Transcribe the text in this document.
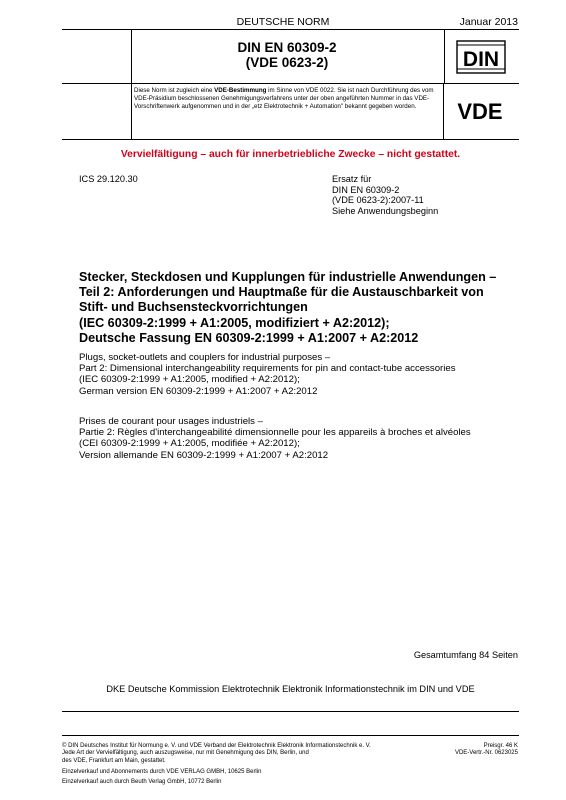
DEUTSCHE NORM	Januar 2013
DIN EN 60309-2
(VDE 0623-2)	DIN
Diese Norm ist zugleich eine VDE-Bestimmung im Sinne von VDE 0022. Sie ist nach Durchführung des vom VDE-Präsidium beschlossenen Genehmigungsverfahrens unter der oben angeführten Nummer in das VDE-Vorschriftenwerk aufgenommen und in der „etz Elektrotechnik + Automation" bekannt gegeben worden.	VDE
Vervielfältigung – auch für innerbetriebliche Zwecke – nicht gestattet.
ICS 29.120.30	Ersatz für
DIN EN 60309-2
(VDE 0623-2):2007-11
Siehe Anwendungsbeginn
Stecker, Steckdosen und Kupplungen für industrielle Anwendungen –
Teil 2: Anforderungen und Hauptmaße für die Austauschbarkeit von
Stift- und Buchsensteckvorrichtungen
(IEC 60309-2:1999 + A1:2005, modifiziert + A2:2012);
Deutsche Fassung EN 60309-2:1999 + A1:2007 + A2:2012
Plugs, socket-outlets and couplers for industrial purposes –
Part 2: Dimensional interchangeability requirements for pin and contact-tube accessories
(IEC 60309-2:1999 + A1:2005, modified + A2:2012);
German version EN 60309-2:1999 + A1:2007 + A2:2012
Prises de courant pour usages industriels –
Partie 2: Règles d'interchangeabilité dimensionnelle pour les appareils à broches et alvéoles
(CEI 60309-2:1999 + A1:2005, modifiée + A2:2012);
Version allemande EN 60309-2:1999 + A1:2007 + A2:2012
Gesamtumfang 84 Seiten
DKE Deutsche Kommission Elektrotechnik Elektronik Informationstechnik im DIN und VDE
© DIN Deutsches Institut für Normung e. V. und VDE Verband der Elektrotechnik Elektronik Informationstechnik e. V.
Jede Art der Vervielfältigung, auch auszugsweise, nur mit Genehmigung des DIN, Berlin, und
des VDE, Frankfurt am Main, gestattet.
Preisgr. 46 K
VDE-Vertr.-Nr. 0623025
Einzelverkauf und Abonnements durch VDE VERLAG GMBH, 10625 Berlin
Einzelverkauf auch durch Beuth Verlag GmbH, 10772 Berlin
